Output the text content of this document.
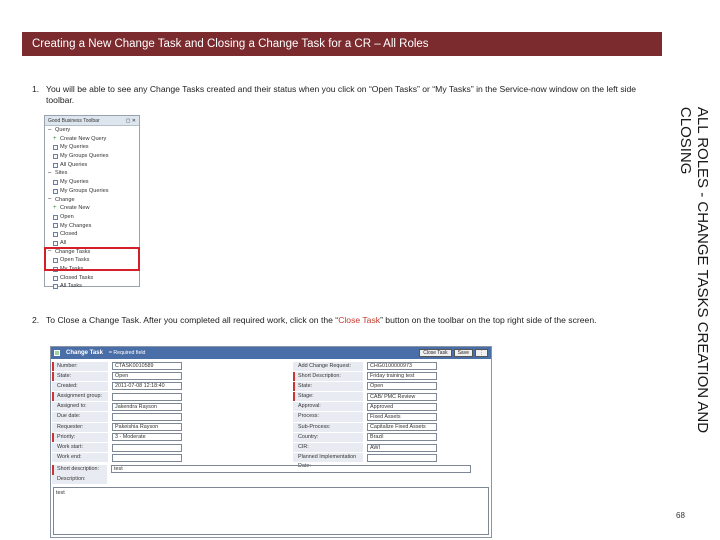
Creating a New Change Task and Closing a Change Task for a CR – All Roles
ALL ROLES - CHANGE TASKS CREATION AND
CLOSING
1. You will be able to see any Change Tasks created and their status when you click on “Open Tasks” or “My Tasks” in the Service-now window on the left side toolbar.
Good Business Toolbar	▢ ✕
– Query
+ Create New Query
My Queries
My Groups Queries
All Queries
– Sites
My Queries
My Groups Queries
– Change
+ Create New
Open
My Changes
Closed
All
– Change Tasks
Open Tasks
My Tasks
Closed Tasks
All Tasks
2. To Close a Change Task. After you completed all required work, click on the “Close Task” button on the toolbar on the top right side of the screen.
Change Task = Required field	Close Task	Save	⋮
Number:	CTASK0010589
State:	Open
Created:	2011-07-08 12:18:40
Assignment group:
Assigned to:	Jakendra Rayson
Due date:
Requester:	Pakeishia Rayson
Priority:	3 - Moderate
Work start:
Work end:
Add Change Request:	CHG0100000973
Short Description:	Friday training test
State:	Open
Stage:	CAB/ PMC Review
Approval:	Approved
Process:	Fixed Assets
Sub-Process:	Capitalize Fixed Assets
Country:	Brazil
CIR:	AWI
Planned Implementation Date:
Short description:	test
Description:
test
68
